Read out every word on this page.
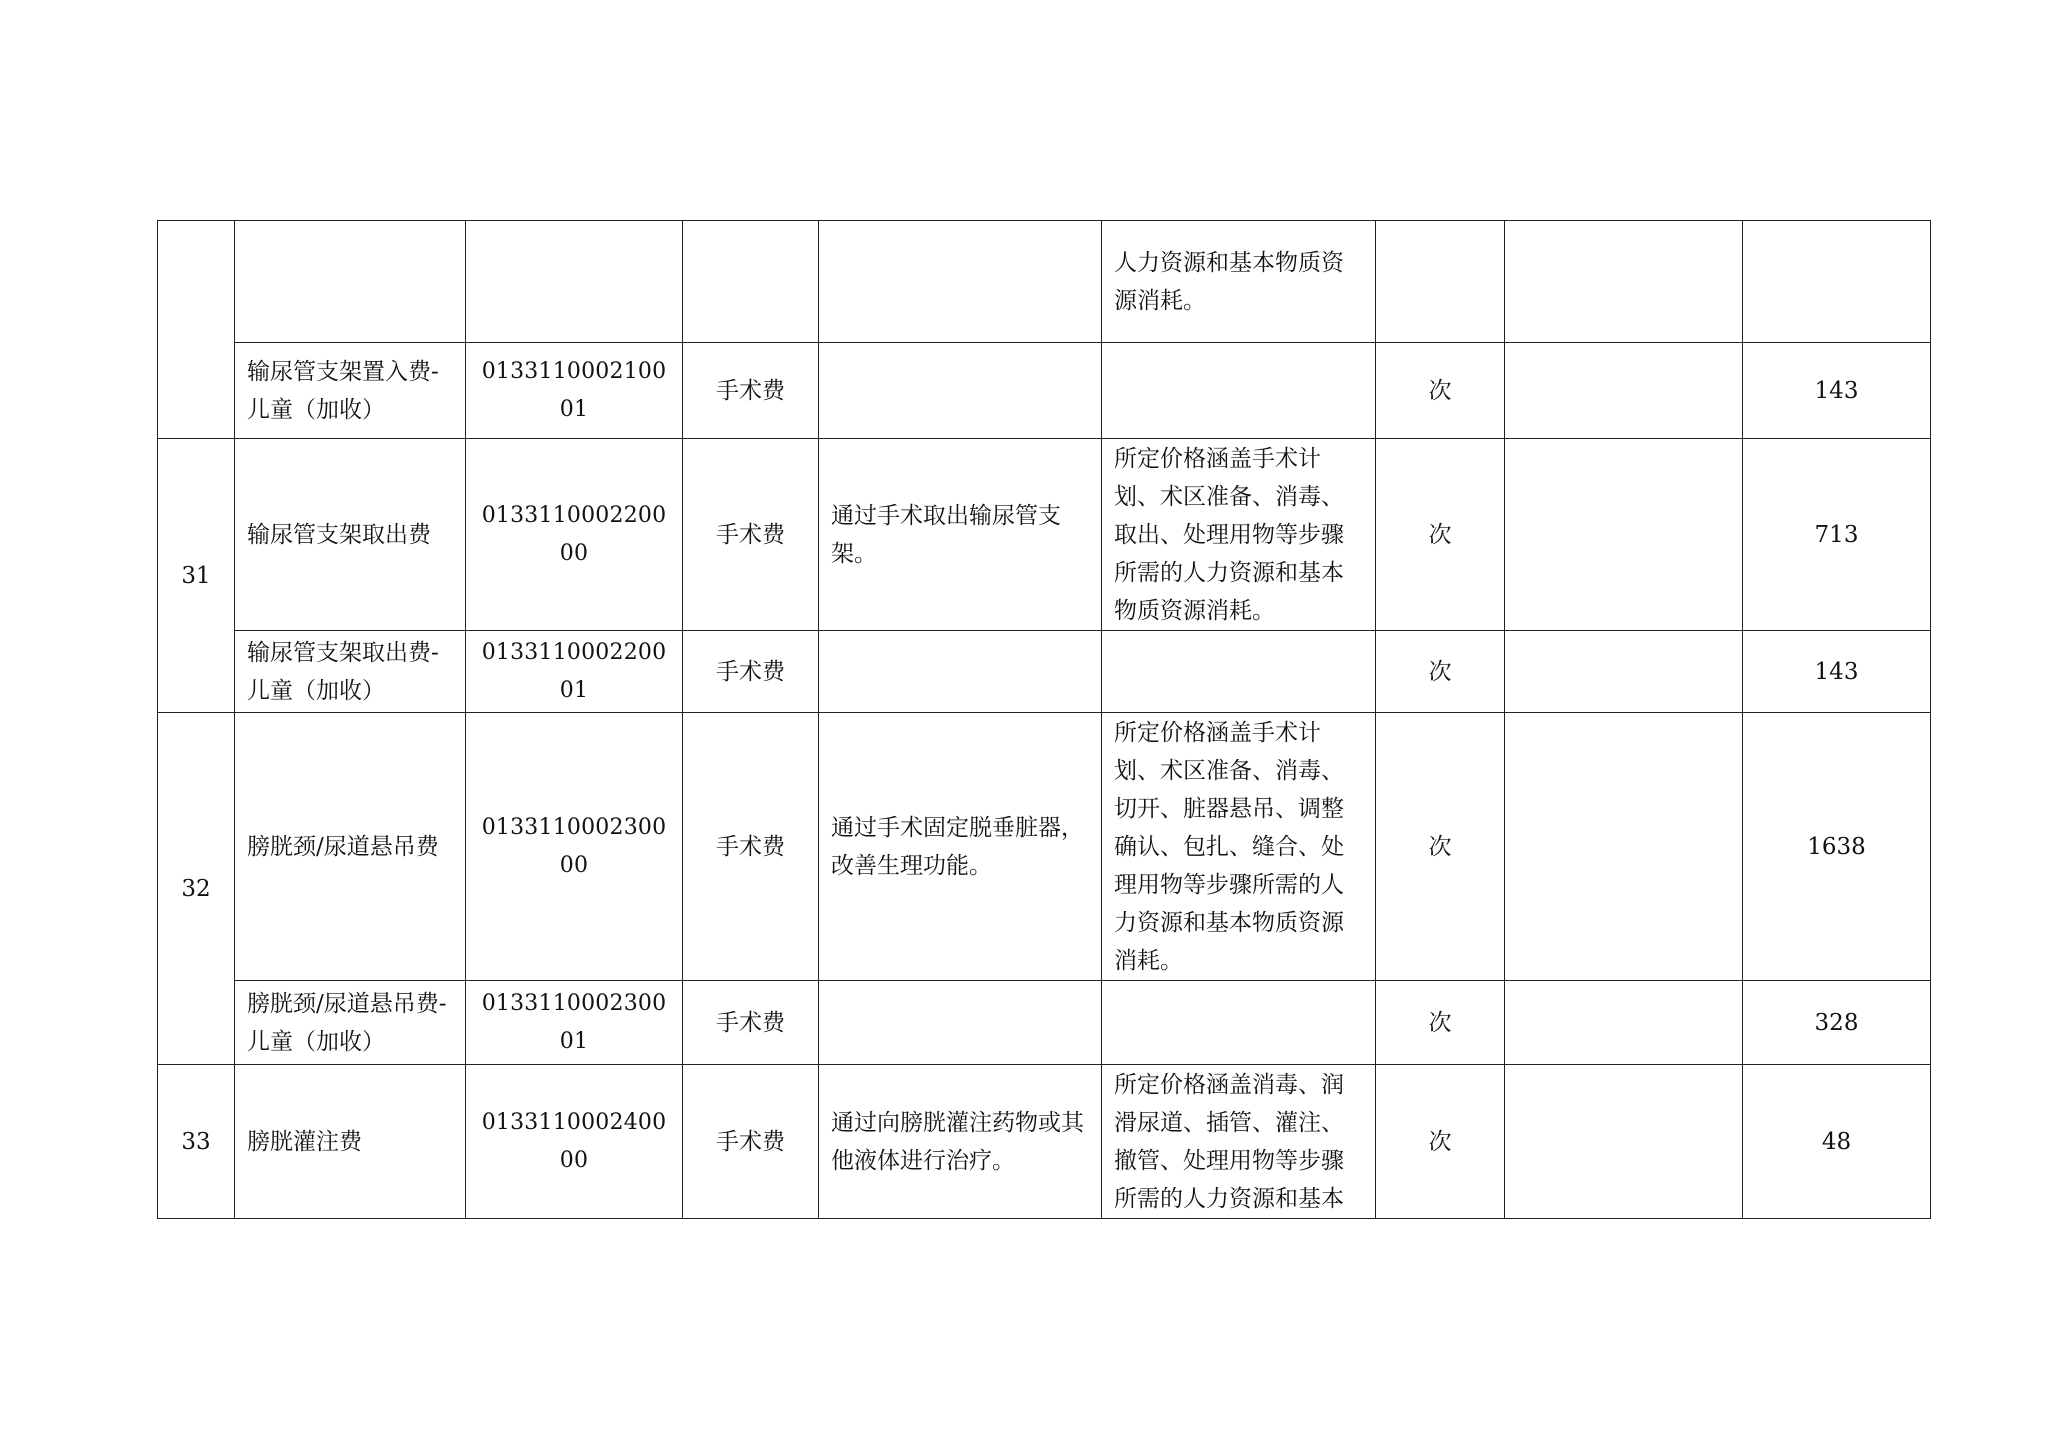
					人力资源和基本物质资源消耗。			
	输尿管支架置入费-儿童（加收）	013311000210001	手术费			次		143
31	输尿管支架取出费	013311000220000	手术费	通过手术取出输尿管支架。	所定价格涵盖手术计划、术区准备、消毒、取出、处理用物等步骤所需的人力资源和基本物质资源消耗。	次		713
	输尿管支架取出费-儿童（加收）	013311000220001	手术费			次		143
32	膀胱颈/尿道悬吊费	013311000230000	手术费	通过手术固定脱垂脏器，改善生理功能。	所定价格涵盖手术计划、术区准备、消毒、切开、脏器悬吊、调整确认、包扎、缝合、处理用物等步骤所需的人力资源和基本物质资源消耗。	次		1638
	膀胱颈/尿道悬吊费-儿童（加收）	013311000230001	手术费			次		328
33	膀胱灌注费	013311000240000	手术费	通过向膀胱灌注药物或其他液体进行治疗。	所定价格涵盖消毒、润滑尿道、插管、灌注、撤管、处理用物等步骤所需的人力资源和基本	次		48
